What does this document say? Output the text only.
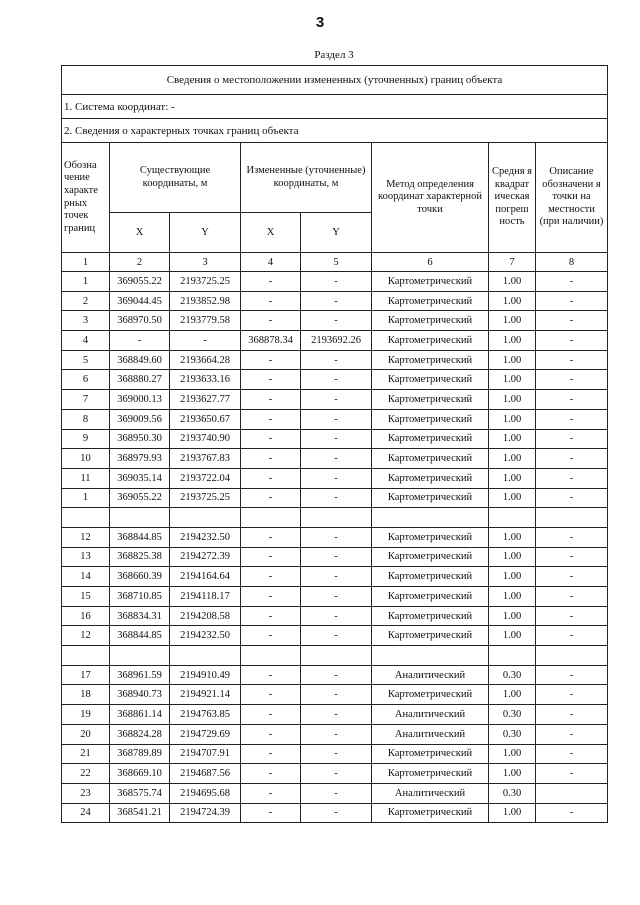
3
Раздел 3
Сведения о местоположении измененных (уточненных) границ объекта							
1. Система координат: -							
2. Сведения о характерных точках границ объекта							
Обозна чение характе рных точек границ	Существующие координаты, м		Измененные (уточненные) координаты, м		Метод определения координат характерной точки	Средня я квадрат ическая погреш ность	Описание обозначени я точки на местности (при наличии)
	X	Y	X	Y			
1	2	3	4	5	6	7	8
1	369055.22	2193725.25	-	-	Картометрический	1.00	-
2	369044.45	2193852.98	-	-	Картометрический	1.00	-
3	368970.50	2193779.58	-	-	Картометрический	1.00	-
4	-	-	368878.34	2193692.26	Картометрический	1.00	-
5	368849.60	2193664.28	-	-	Картометрический	1.00	-
6	368880.27	2193633.16	-	-	Картометрический	1.00	-
7	369000.13	2193627.77	-	-	Картометрический	1.00	-
8	369009.56	2193650.67	-	-	Картометрический	1.00	-
9	368950.30	2193740.90	-	-	Картометрический	1.00	-
10	368979.93	2193767.83	-	-	Картометрический	1.00	-
11	369035.14	2193722.04	-	-	Картометрический	1.00	-
1	369055.22	2193725.25	-	-	Картометрический	1.00	-

12	368844.85	2194232.50	-	-	Картометрический	1.00	-
13	368825.38	2194272.39	-	-	Картометрический	1.00	-
14	368660.39	2194164.64	-	-	Картометрический	1.00	-
15	368710.85	2194118.17	-	-	Картометрический	1.00	-
16	368834.31	2194208.58	-	-	Картометрический	1.00	-
12	368844.85	2194232.50	-	-	Картометрический	1.00	-

17	368961.59	2194910.49	-	-	Аналитический	0.30	-
18	368940.73	2194921.14	-	-	Картометрический	1.00	-
19	368861.14	2194763.85	-	-	Аналитический	0.30	-
20	368824.28	2194729.69	-	-	Аналитический	0.30	-
21	368789.89	2194707.91	-	-	Картометрический	1.00	-
22	368669.10	2194687.56	-	-	Картометрический	1.00	-
23	368575.74	2194695.68	-	-	Аналитический	0.30	
24	368541.21	2194724.39	-	-	Картометрический	1.00	-
